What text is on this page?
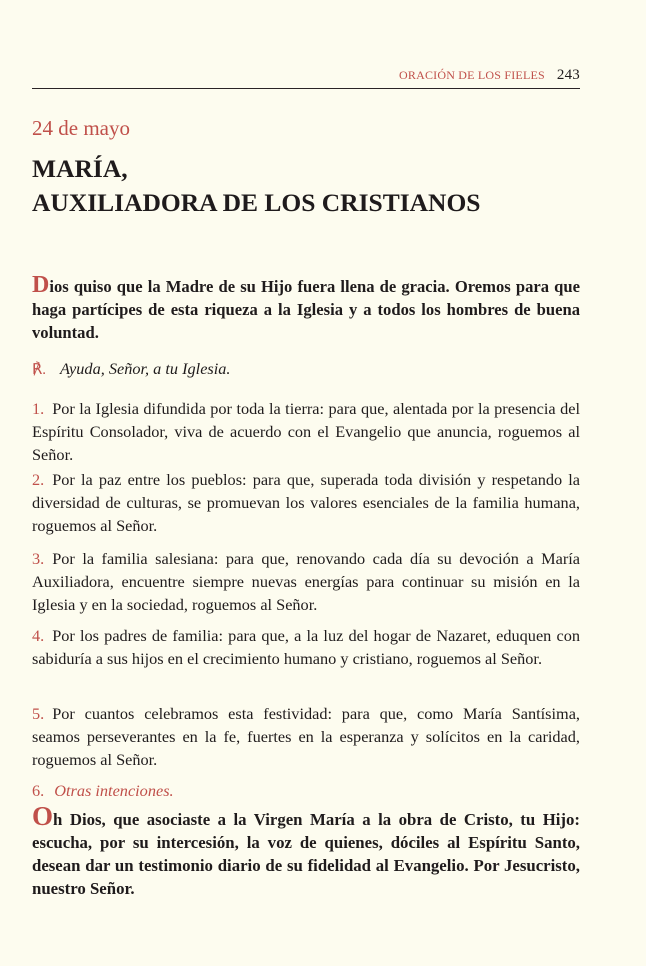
ORACIÓN DE LOS FIELES 243
24 de mayo
MARÍA,
AUXILIADORA DE LOS CRISTIANOS

Dios quiso que la Madre de su Hijo fuera llena de gracia. Oremos para que haga partícipes de esta riqueza a la Iglesia y a todos los hombres de buena voluntad.

℟. Ayuda, Señor, a tu Iglesia.

1. Por la Iglesia difundida por toda la tierra: para que, alentada por la presencia del Espíritu Consolador, viva de acuerdo con el Evangelio que anuncia, roguemos al Señor.

2. Por la paz entre los pueblos: para que, superada toda división y respetando la diversidad de culturas, se promuevan los valores esenciales de la familia humana, roguemos al Señor.

3. Por la familia salesiana: para que, renovando cada día su devoción a María Auxiliadora, encuentre siempre nuevas energías para continuar su misión en la Iglesia y en la sociedad, roguemos al Señor.

4. Por los padres de familia: para que, a la luz del hogar de Nazaret, eduquen con sabiduría a sus hijos en el crecimiento humano y cristiano, roguemos al Señor.

5. Por cuantos celebramos esta festividad: para que, como María Santísima, seamos perseverantes en la fe, fuertes en la esperanza y solícitos en la caridad, roguemos al Señor.

6. Otras intenciones.

Oh Dios, que asociaste a la Virgen María a la obra de Cristo, tu Hijo: escucha, por su intercesión, la voz de quienes, dóciles al Espíritu Santo, desean dar un testimonio diario de su fidelidad al Evangelio. Por Jesucristo, nuestro Señor.
